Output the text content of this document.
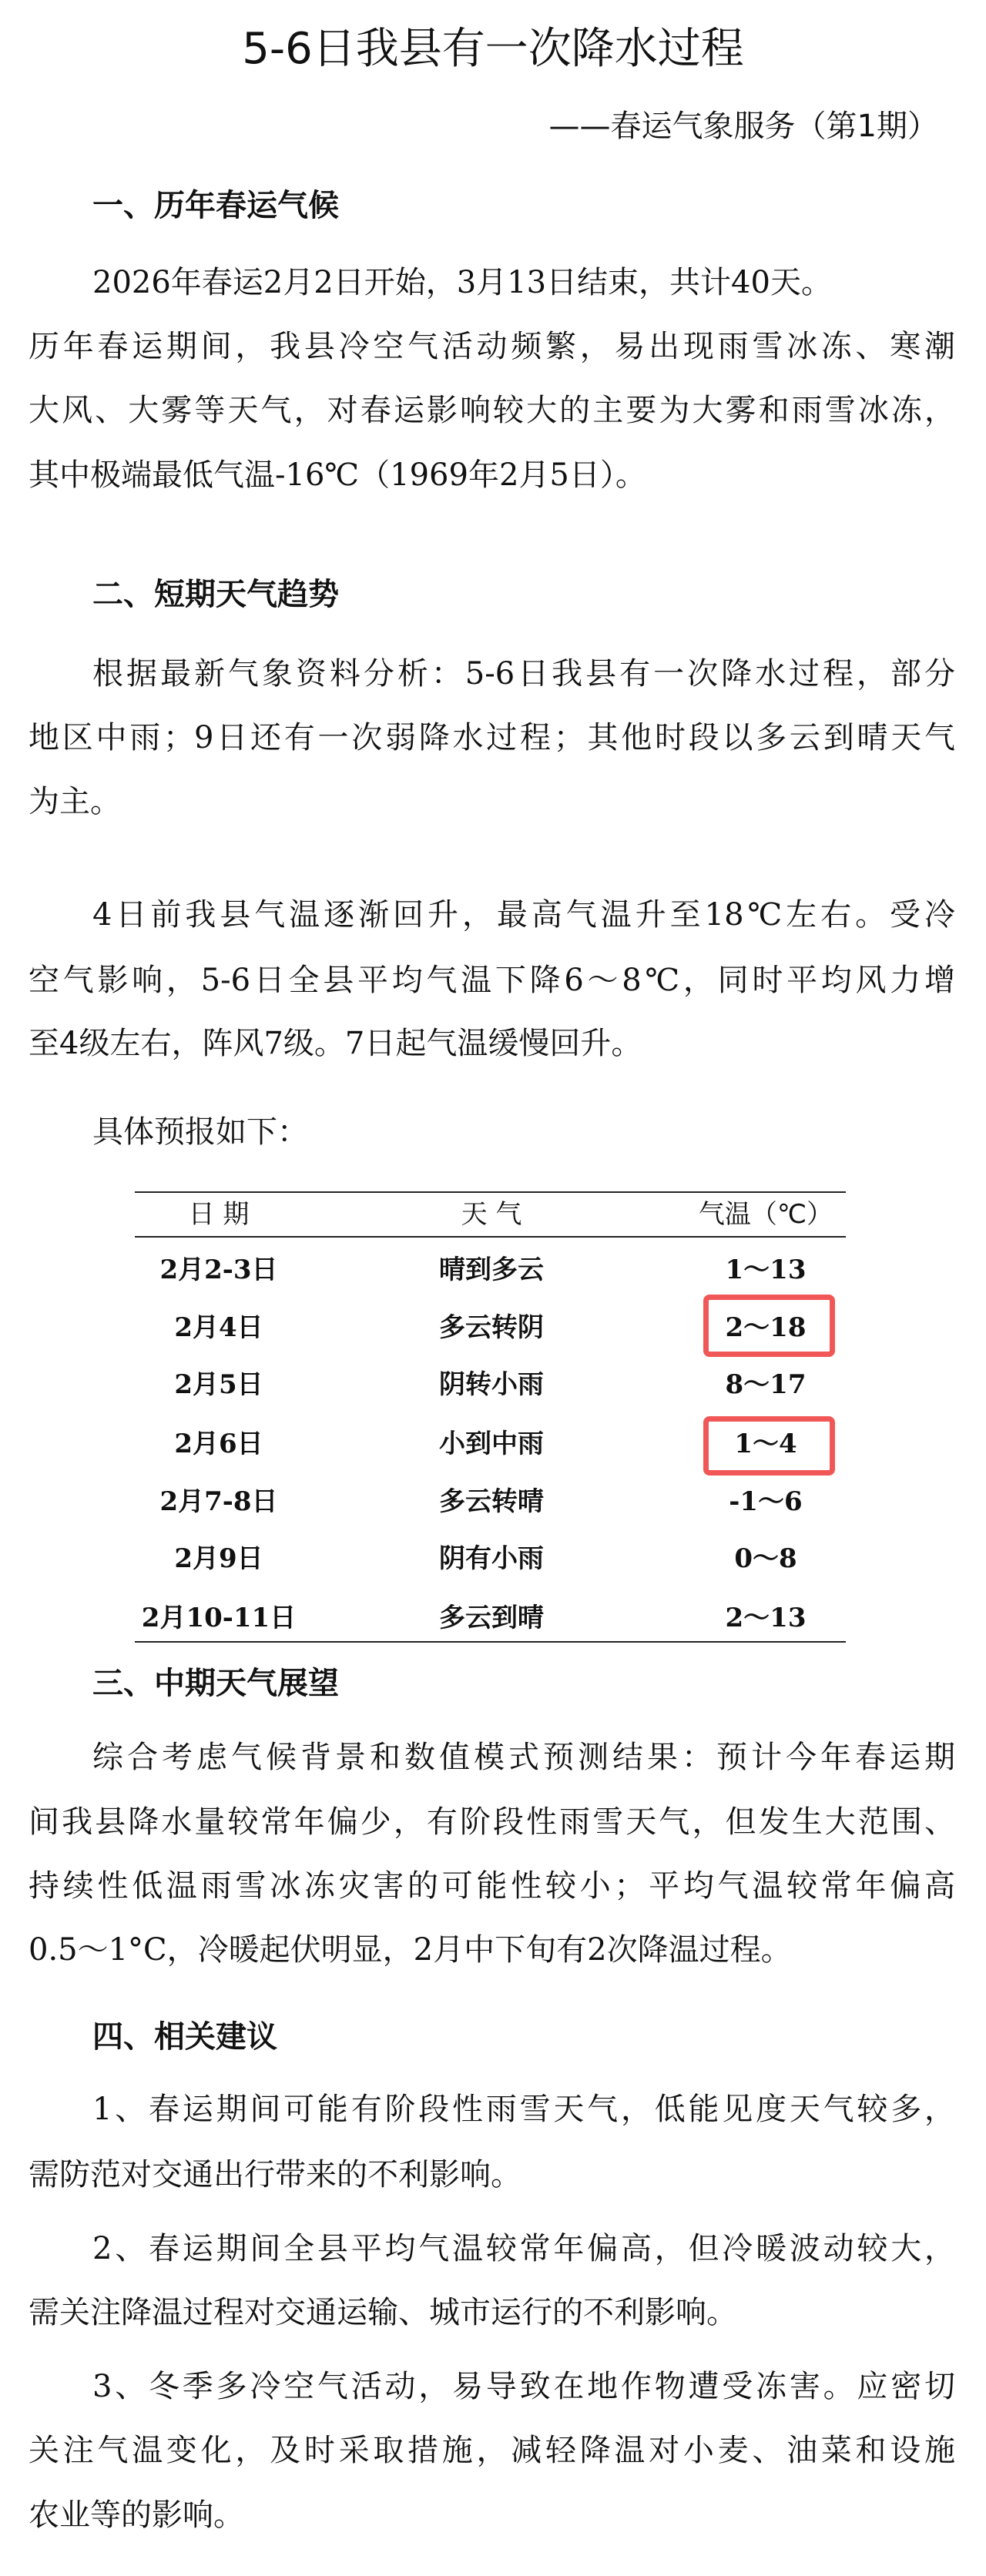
5-6日我县有一次降水过程
——春运气象服务（第1期）
一、历年春运气候
2026年春运2月2日开始，3月13日结束，共计40天。
历年春运期间，我县冷空气活动频繁，易出现雨雪冰冻、寒潮
大风、大雾等天气，对春运影响较大的主要为大雾和雨雪冰冻，
其中极端最低气温-16℃（1969年2月5日）。
二、短期天气趋势
根据最新气象资料分析：5-6日我县有一次降水过程，部分
地区中雨；9日还有一次弱降水过程；其他时段以多云到晴天气
为主。
4日前我县气温逐渐回升，最高气温升至18℃左右。受冷
空气影响，5-6日全县平均气温下降6～8℃，同时平均风力增
至4级左右，阵风7级。7日起气温缓慢回升。
具体预报如下：
日 期	天 气	气温（℃）
2月2-3日	晴到多云	1～13
2月4日	多云转阴	2～18
2月5日	阴转小雨	8～17
2月6日	小到中雨	1～4
2月7-8日	多云转晴	-1～6
2月9日	阴有小雨	0～8
2月10-11日	多云到晴	2～13
三、中期天气展望
综合考虑气候背景和数值模式预测结果：预计今年春运期
间我县降水量较常年偏少，有阶段性雨雪天气，但发生大范围、
持续性低温雨雪冰冻灾害的可能性较小；平均气温较常年偏高
0.5～1°C，冷暖起伏明显，2月中下旬有2次降温过程。
四、相关建议
1、春运期间可能有阶段性雨雪天气，低能见度天气较多，
需防范对交通出行带来的不利影响。
2、春运期间全县平均气温较常年偏高，但冷暖波动较大，
需关注降温过程对交通运输、城市运行的不利影响。
3、冬季多冷空气活动，易导致在地作物遭受冻害。应密切
关注气温变化，及时采取措施，减轻降温对小麦、油菜和设施
农业等的影响。
